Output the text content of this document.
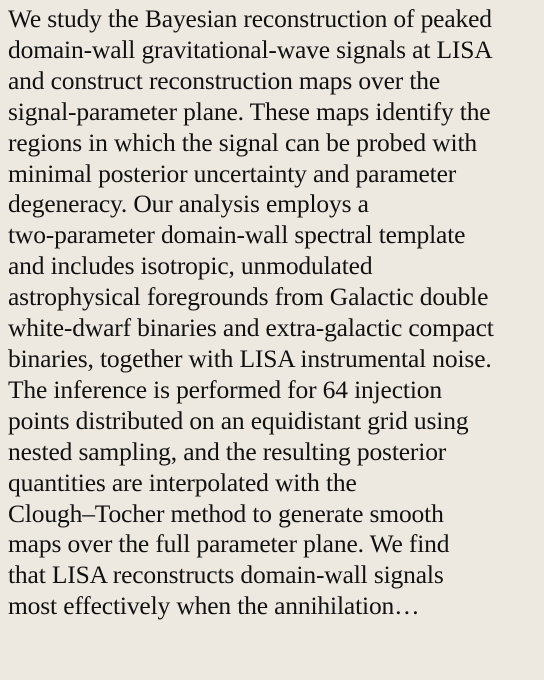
We study the Bayesian reconstruction of peaked
domain-wall gravitational-wave signals at LISA
and construct reconstruction maps over the
signal-parameter plane. These maps identify the
regions in which the signal can be probed with
minimal posterior uncertainty and parameter
degeneracy. Our analysis employs a
two-parameter domain-wall spectral template
and includes isotropic, unmodulated
astrophysical foregrounds from Galactic double
white-dwarf binaries and extra-galactic compact
binaries, together with LISA instrumental noise.
The inference is performed for 64 injection
points distributed on an equidistant grid using
nested sampling, and the resulting posterior
quantities are interpolated with the
Clough–Tocher method to generate smooth
maps over the full parameter plane. We find
that LISA reconstructs domain-wall signals
most effectively when the annihilation…
